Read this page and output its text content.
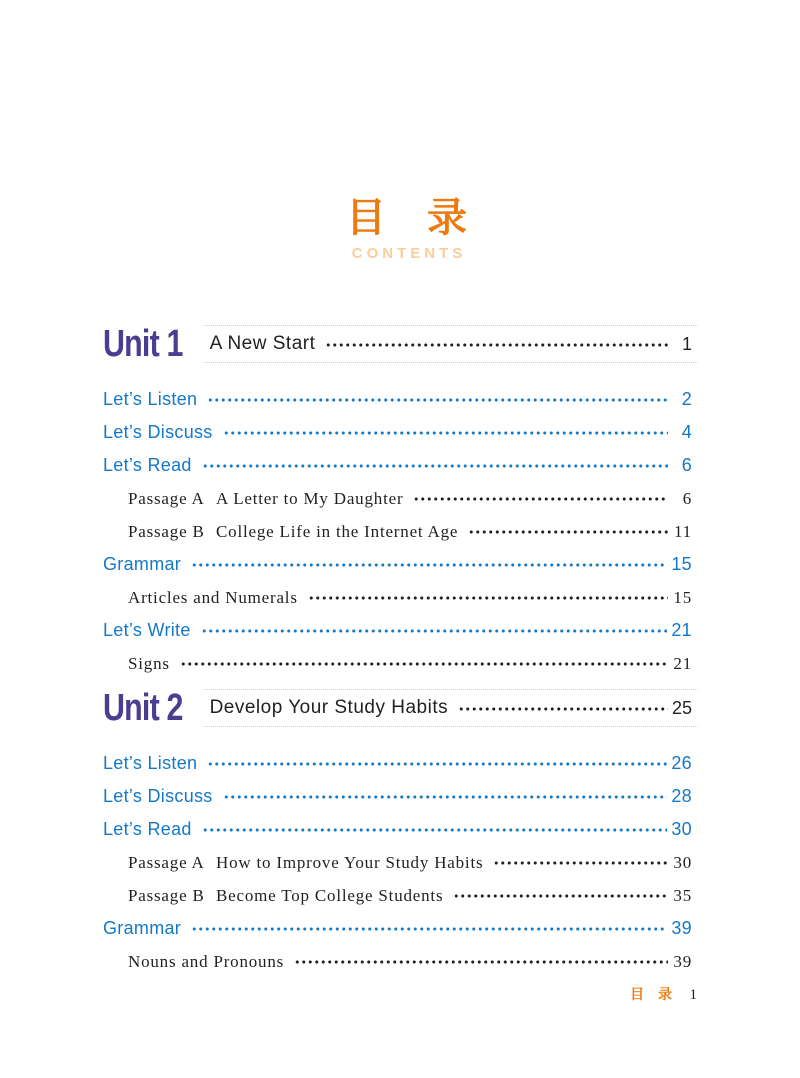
目 录
CONTENTS
Unit 1 A New Start	1
Let’s Listen	2
Let’s Discuss	4
Let’s Read	6
Passage A A Letter to My Daughter	6
Passage B College Life in the Internet Age	11
Grammar	15
Articles and Numerals	15
Let’s Write	21
Signs	21
Unit 2 Develop Your Study Habits	25
Let’s Listen	26
Let’s Discuss	28
Let’s Read	30
Passage A How to Improve Your Study Habits	30
Passage B Become Top College Students	35
Grammar	39
Nouns and Pronouns	39
目 录 1
